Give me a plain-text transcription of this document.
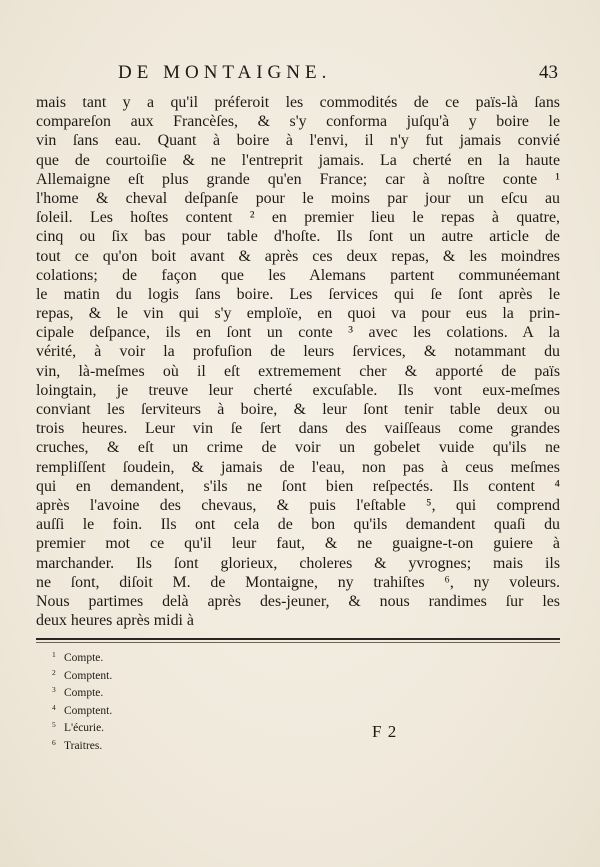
DE MONTAIGNE.	43
mais tant y a qu'il préferoit les commodités de ce païs-là ſans
compareſon aux Francèſes, & s'y conforma juſqu'à y boire le
vin ſans eau. Quant à boire à l'envi, il n'y fut jamais convié
que de courtoiſie & ne l'entreprit jamais. La cherté en la haute
Allemaigne eſt plus grande qu'en France; car à noſtre conte ¹
l'home & cheval deſpanſe pour le moins par jour un eſcu au
ſoleil. Les hoſtes content ² en premier lieu le repas à quatre,
cinq ou ſix bas pour table d'hoſte. Ils ſont un autre article de
tout ce qu'on boit avant & après ces deux repas, & les moindres
colations; de façon que les Alemans partent communéemant
le matin du logis ſans boire. Les ſervices qui ſe ſont après le
repas, & le vin qui s'y emploïe, en quoi va pour eus la prin-
cipale deſpance, ils en ſont un conte ³ avec les colations. A la
vérité, à voir la profuſion de leurs ſervices, & notammant du
vin, là-meſmes où il eſt extremement cher & apporté de païs
loingtain, je treuve leur cherté excuſable. Ils vont eux-meſmes
conviant les ſerviteurs à boire, & leur ſont tenir table deux ou
trois heures. Leur vin ſe ſert dans des vaiſſeaus come grandes
cruches, & eſt un crime de voir un gobelet vuide qu'ils ne
rempliſſent ſoudein, & jamais de l'eau, non pas à ceus meſmes
qui en demandent, s'ils ne ſont bien reſpectés. Ils content ⁴
après l'avoine des chevaus, & puis l'eſtable ⁵, qui comprend
auſſi le foin. Ils ont cela de bon qu'ils demandent quaſi du
premier mot ce qu'il leur faut, & ne guaigne-t-on guiere à
marchander. Ils ſont glorieux, choleres & yvrognes; mais ils
ne ſont, diſoit M. de Montaigne, ny trahiſtes ⁶, ny voleurs.
Nous partimes delà après des-jeuner, & nous randimes ſur les
deux heures après midi à
1 Compte.
2 Comptent.
3 Compte.
4 Comptent.
5 L'écurie.
6 Traitres.
F 2
